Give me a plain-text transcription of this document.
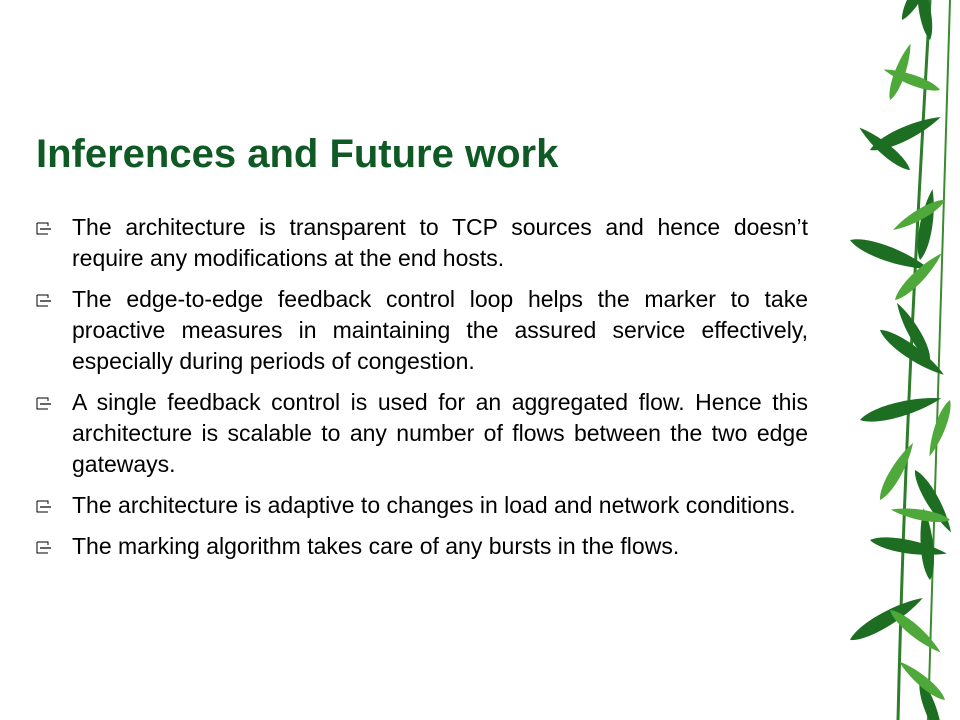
Inferences and Future work
The architecture is transparent to TCP sources and hence doesn’t require any modifications at the end hosts.
The edge-to-edge feedback control loop helps the marker to take proactive measures in maintaining the assured service effectively, especially during periods of congestion.
A single feedback control is used for an aggregated flow. Hence this architecture is scalable to any number of flows between the two edge gateways.
The architecture is adaptive to changes in load and network conditions.
The marking algorithm takes care of any bursts in the flows.
